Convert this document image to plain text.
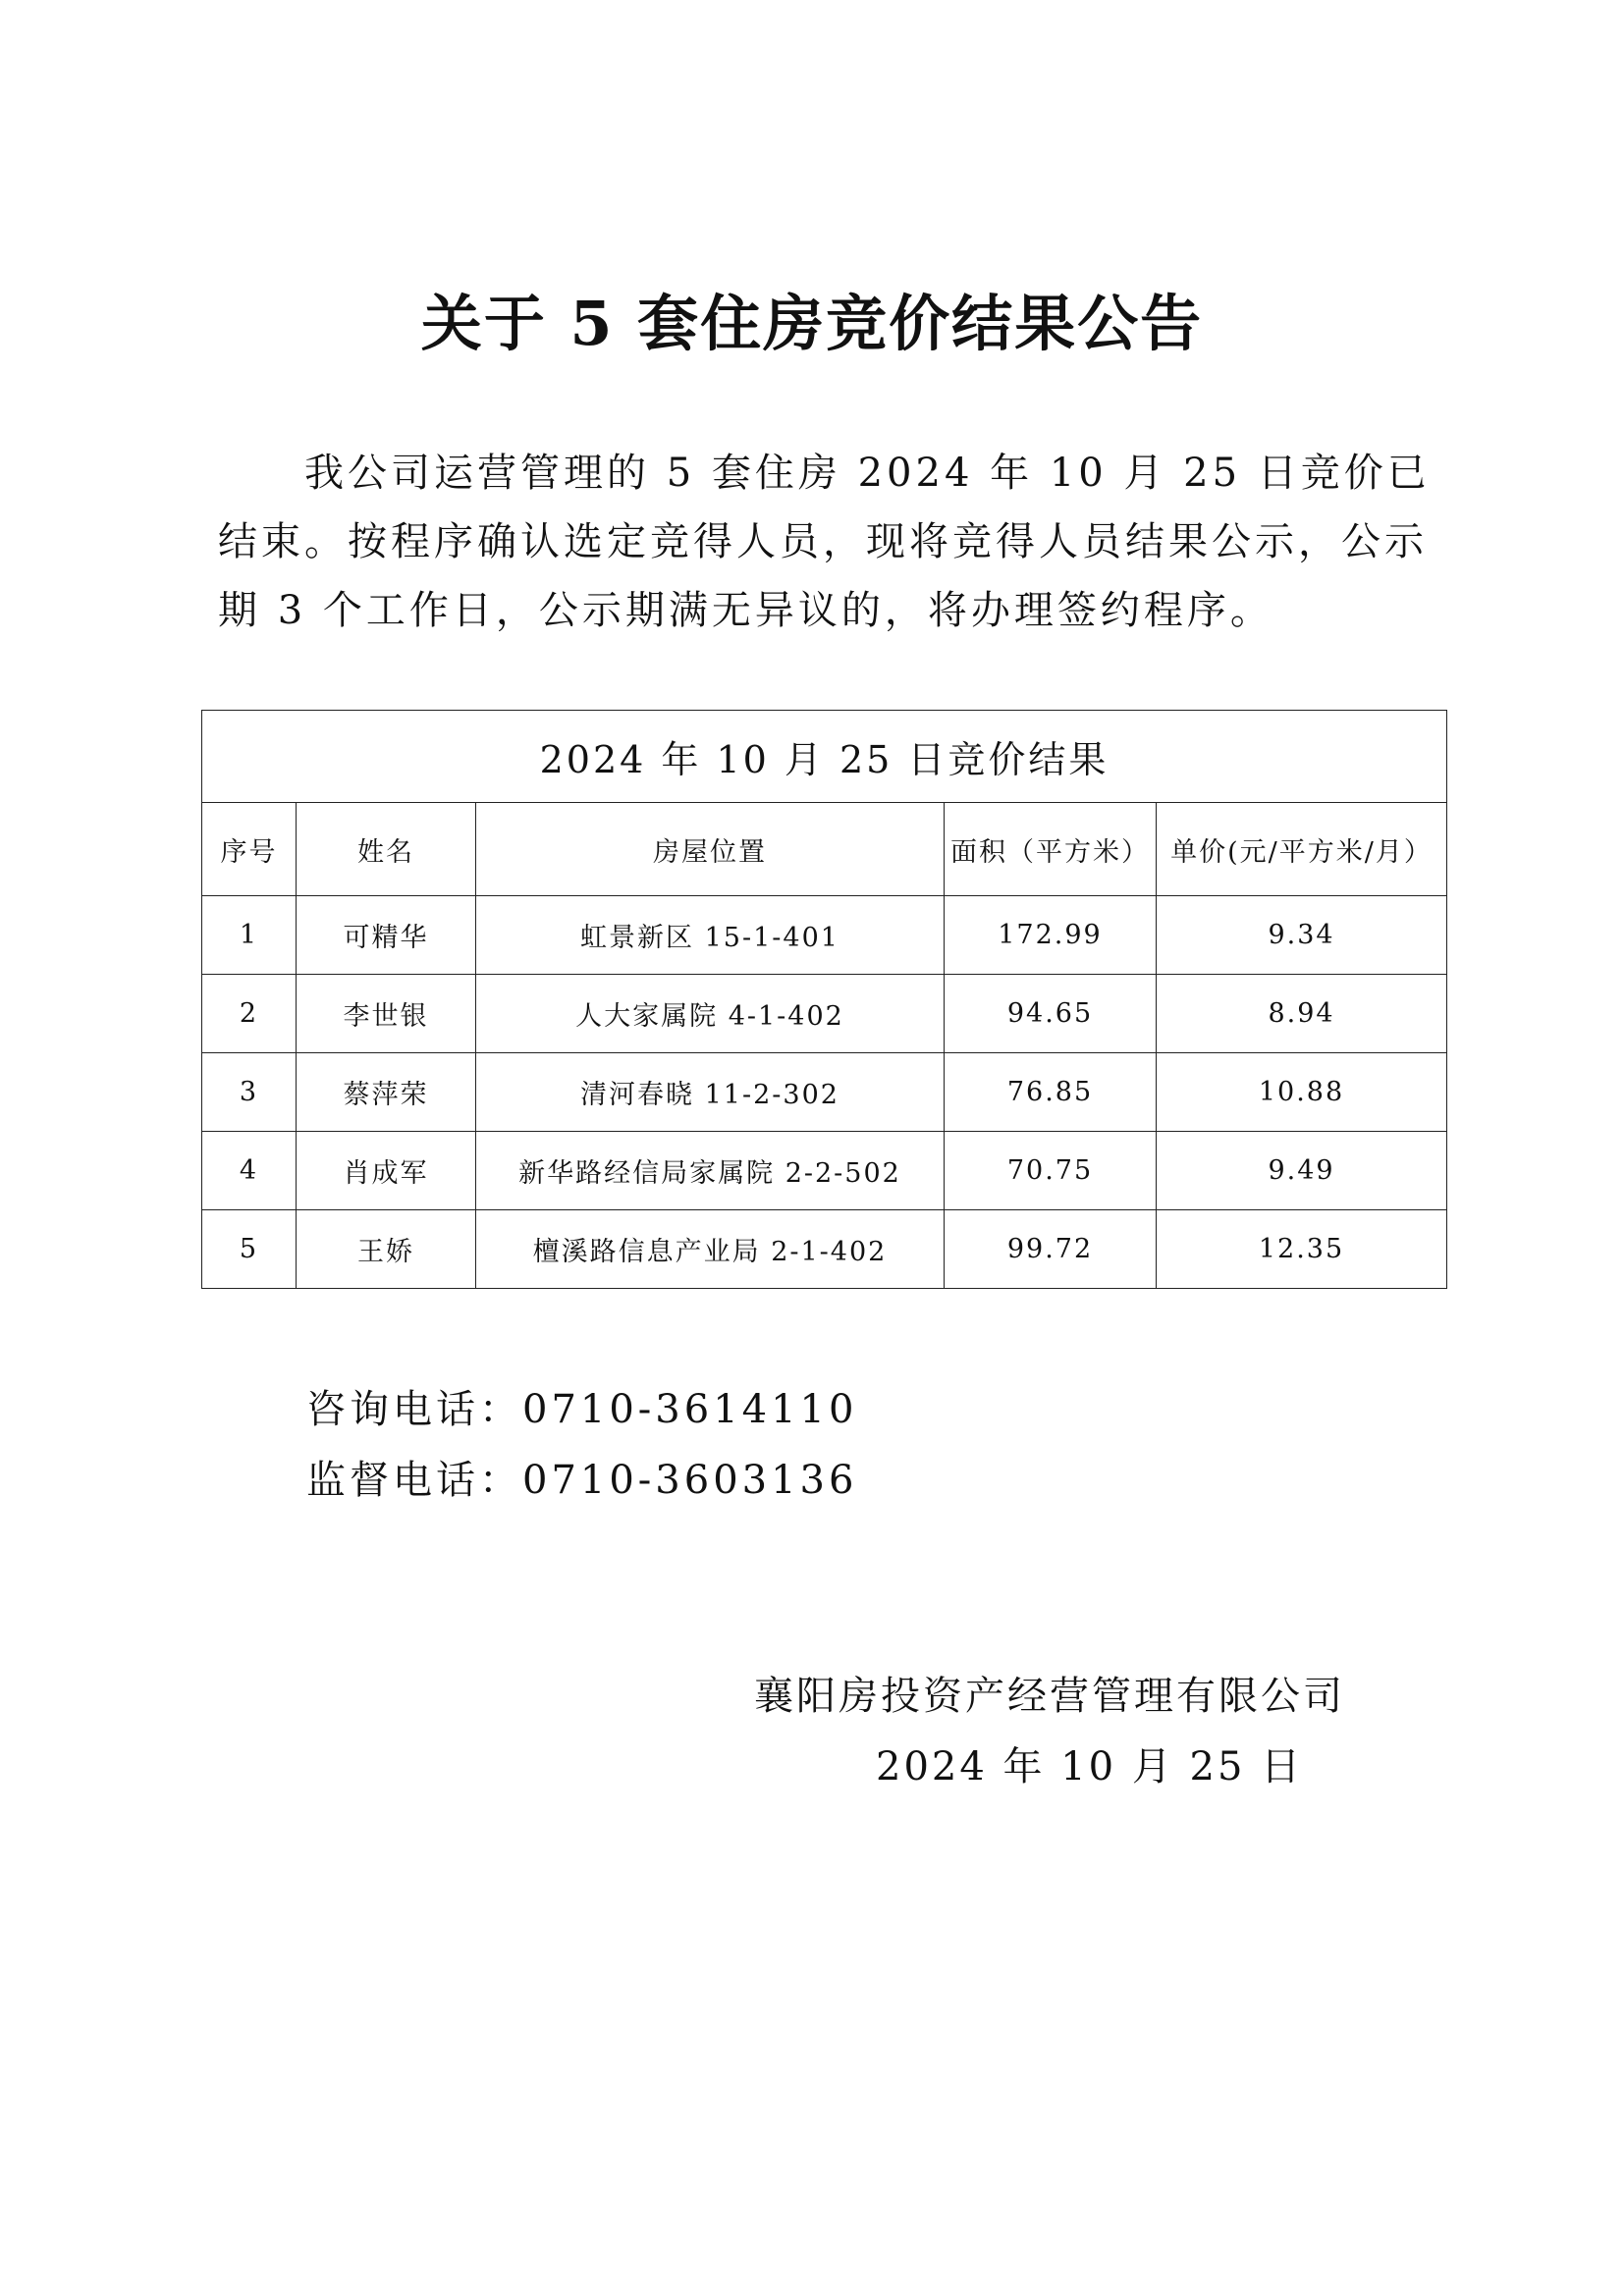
关于 5 套住房竞价结果公告

我公司运营管理的 5 套住房 2024 年 10 月 25 日竞价已结束。按程序确认选定竞得人员，现将竞得人员结果公示，公示期 3 个工作日，公示期满无异议的，将办理签约程序。

2024 年 10 月 25 日竞价结果				
序号	姓名	房屋位置	面积（平方米）	单价(元/平方米/月）
1	可精华	虹景新区 15-1-401	172.99	9.34
2	李世银	人大家属院 4-1-402	94.65	8.94
3	蔡萍荣	清河春晓 11-2-302	76.85	10.88
4	肖成军	新华路经信局家属院 2-2-502	70.75	9.49
5	王娇	檀溪路信息产业局 2-1-402	99.72	12.35
咨询电话：0710-3614110
监督电话：0710-3603136
襄阳房投资产经营管理有限公司
2024 年 10 月 25 日
